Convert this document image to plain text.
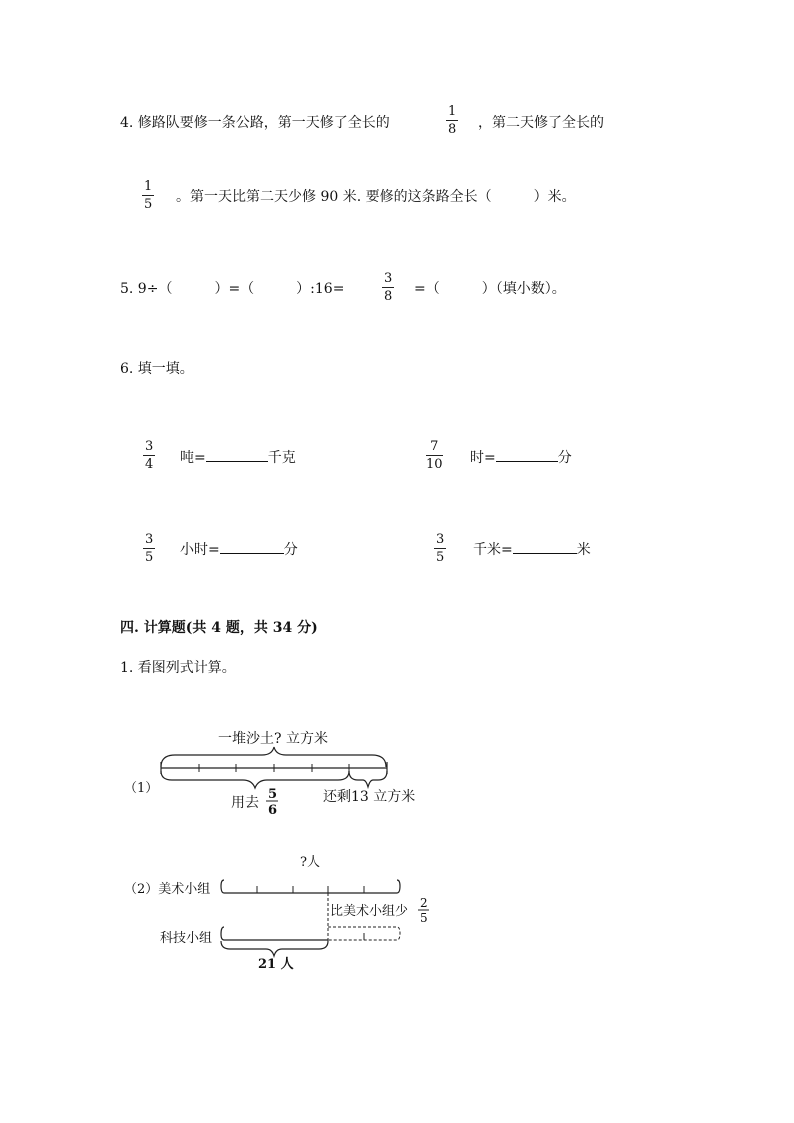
4. 修路队要修一条公路，第一天修了全长的	$\frac{1}{8}$ ，第二天修了全长的
$\frac{1}{5}$ 。第一天比第二天少修 90 米. 要修的这条路全长（　　　）米。
5. 9÷（　　　）=（　　　）:16=	$\frac{3}{8}$ =（　　　）（填小数）。
6. 填一填。
$\frac{3}{4}$ 吨=	千克	$\frac{7}{10}$ 时=	分
$\frac{3}{5}$ 小时=	分	$\frac{3}{5}$ 千米=	米
四. 计算题(共 4 题，共 34 分)
1. 看图列式计算。
（1）
一堆沙土? 立方米
用去
5
6
还剩13 立方米
（2）美术小组
?人
比美术小组少
2
5
科技小组
21 人
